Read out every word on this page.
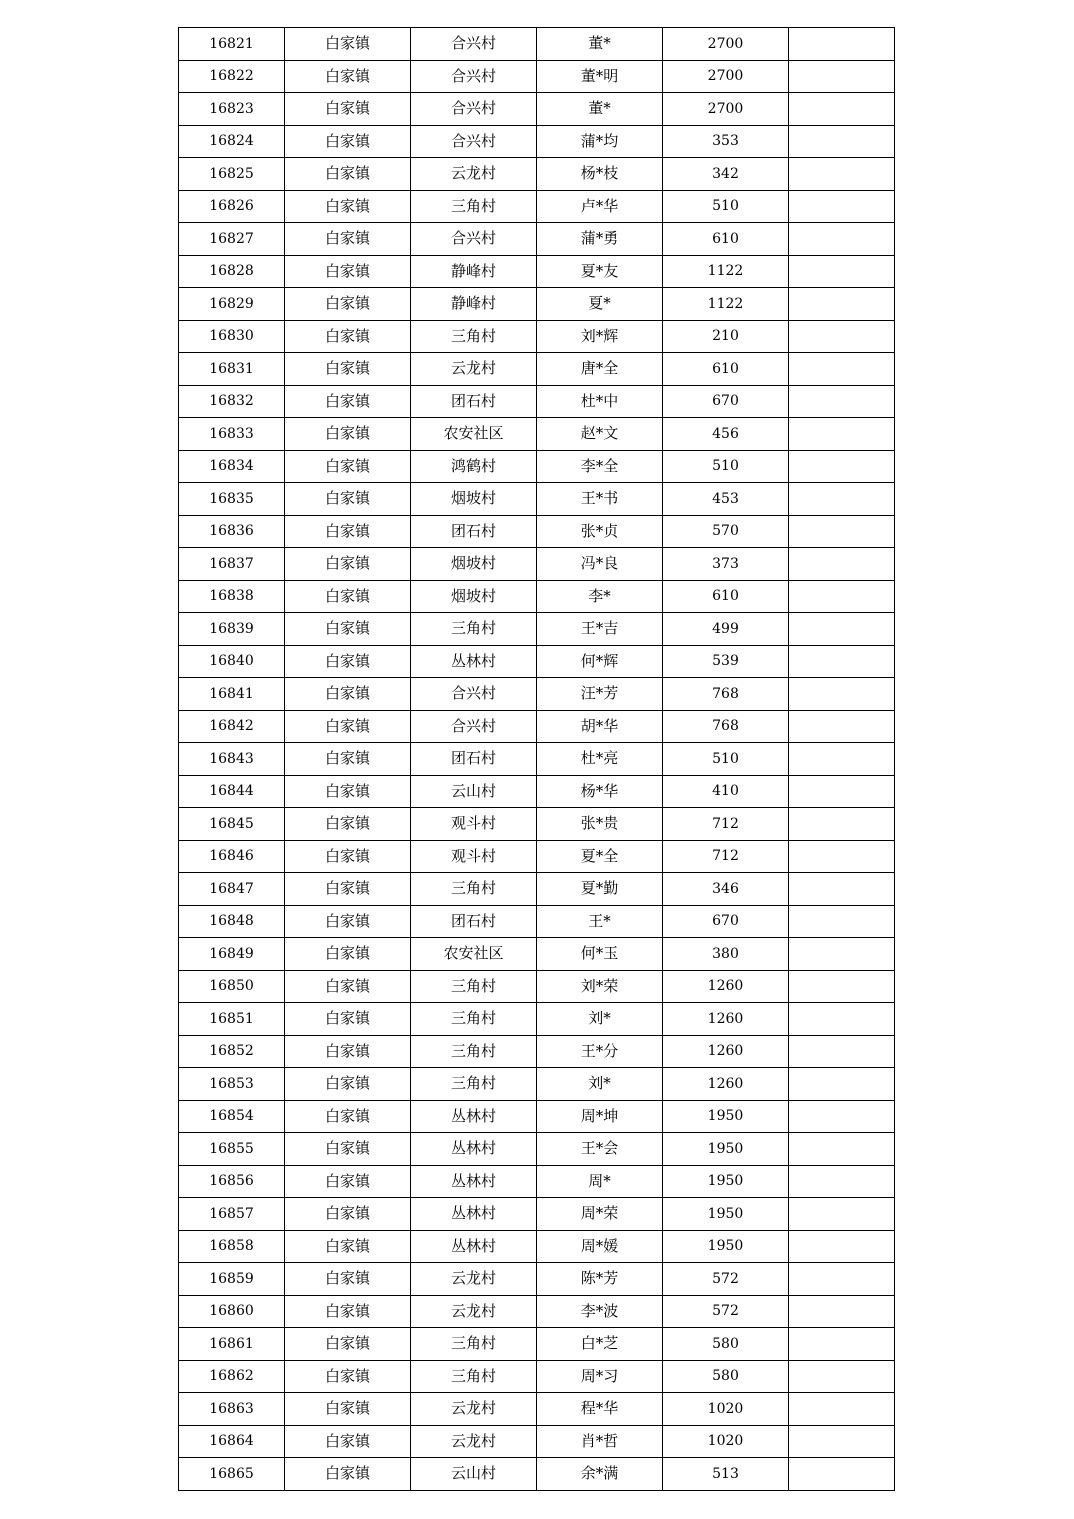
16821	白家镇	合兴村	董*	2700	
16822	白家镇	合兴村	董*明	2700	
16823	白家镇	合兴村	董*	2700	
16824	白家镇	合兴村	蒲*均	353	
16825	白家镇	云龙村	杨*枝	342	
16826	白家镇	三角村	卢*华	510	
16827	白家镇	合兴村	蒲*勇	610	
16828	白家镇	静峰村	夏*友	1122	
16829	白家镇	静峰村	夏*	1122	
16830	白家镇	三角村	刘*辉	210	
16831	白家镇	云龙村	唐*全	610	
16832	白家镇	团石村	杜*中	670	
16833	白家镇	农安社区	赵*文	456	
16834	白家镇	鸿鹤村	李*全	510	
16835	白家镇	烟坡村	王*书	453	
16836	白家镇	团石村	张*贞	570	
16837	白家镇	烟坡村	冯*良	373	
16838	白家镇	烟坡村	李*	610	
16839	白家镇	三角村	王*吉	499	
16840	白家镇	丛林村	何*辉	539	
16841	白家镇	合兴村	汪*芳	768	
16842	白家镇	合兴村	胡*华	768	
16843	白家镇	团石村	杜*亮	510	
16844	白家镇	云山村	杨*华	410	
16845	白家镇	观斗村	张*贵	712	
16846	白家镇	观斗村	夏*全	712	
16847	白家镇	三角村	夏*勤	346	
16848	白家镇	团石村	王*	670	
16849	白家镇	农安社区	何*玉	380	
16850	白家镇	三角村	刘*荣	1260	
16851	白家镇	三角村	刘*	1260	
16852	白家镇	三角村	王*分	1260	
16853	白家镇	三角村	刘*	1260	
16854	白家镇	丛林村	周*坤	1950	
16855	白家镇	丛林村	王*会	1950	
16856	白家镇	丛林村	周*	1950	
16857	白家镇	丛林村	周*荣	1950	
16858	白家镇	丛林村	周*媛	1950	
16859	白家镇	云龙村	陈*芳	572	
16860	白家镇	云龙村	李*波	572	
16861	白家镇	三角村	白*芝	580	
16862	白家镇	三角村	周*习	580	
16863	白家镇	云龙村	程*华	1020	
16864	白家镇	云龙村	肖*哲	1020	
16865	白家镇	云山村	余*满	513	
